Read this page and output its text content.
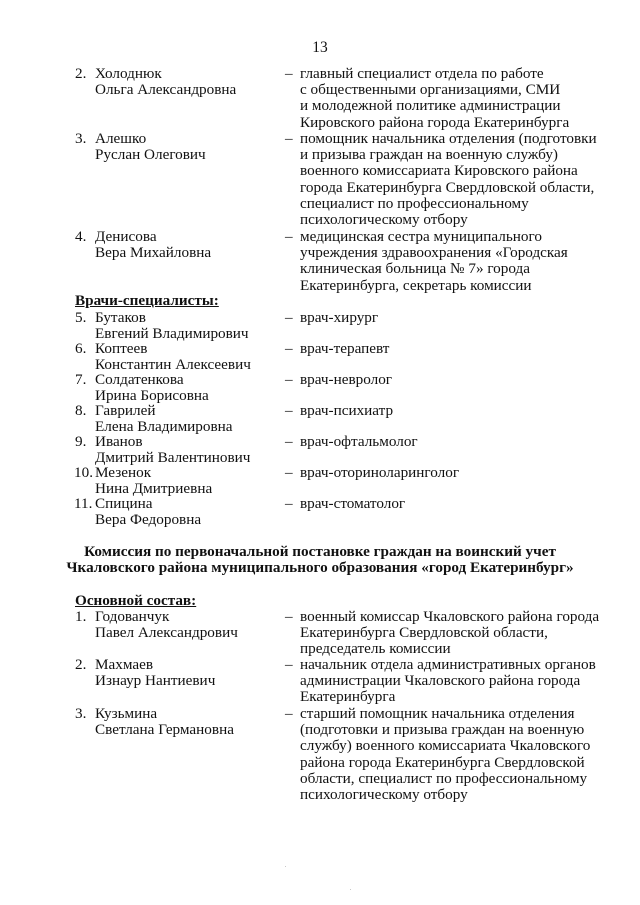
13
2. Холоднюк
Ольга Александровна
– главный специалист отдела по работе
с общественными организациями, СМИ
и молодежной политике администрации
Кировского района города Екатеринбурга
3. Алешко
Руслан Олегович
– помощник начальника отделения (подготовки
и призыва граждан на военную службу)
военного комиссариата Кировского района
города Екатеринбурга Свердловской области,
специалист по профессиональному
психологическому отбору
4. Денисова
Вера Михайловна
– медицинская сестра муниципального
учреждения здравоохранения «Городская
клиническая больница № 7» города
Екатеринбурга, секретарь комиссии
Врачи-специалисты:
5. Бутаков
Евгений Владимирович
– врач-хирург
6. Коптеев
Константин Алексеевич
– врач-терапевт
7. Солдатенкова
Ирина Борисовна
– врач-невролог
8. Гаврилей
Елена Владимировна
– врач-психиатр
9. Иванов
Дмитрий Валентинович
– врач-офтальмолог
10. Мезенок
Нина Дмитриевна
– врач-оториноларинголог
11. Спицина
Вера Федоровна
– врач-стоматолог
Комиссия по первоначальной постановке граждан на воинский учет
Чкаловского района муниципального образования «город Екатеринбург»
Основной состав:
1. Годованчук
Павел Александрович
– военный комиссар Чкаловского района города
Екатеринбурга Свердловской области,
председатель комиссии
2. Махмаев
Изнаур Нантиевич
– начальник отдела административных органов
администрации Чкаловского района города
Екатеринбурга
3. Кузьмина
Светлана Германовна
– старший помощник начальника отделения
(подготовки и призыва граждан на военную
службу) военного комиссариата Чкаловского
района города Екатеринбурга Свердловской
области, специалист по профессиональному
психологическому отбору
